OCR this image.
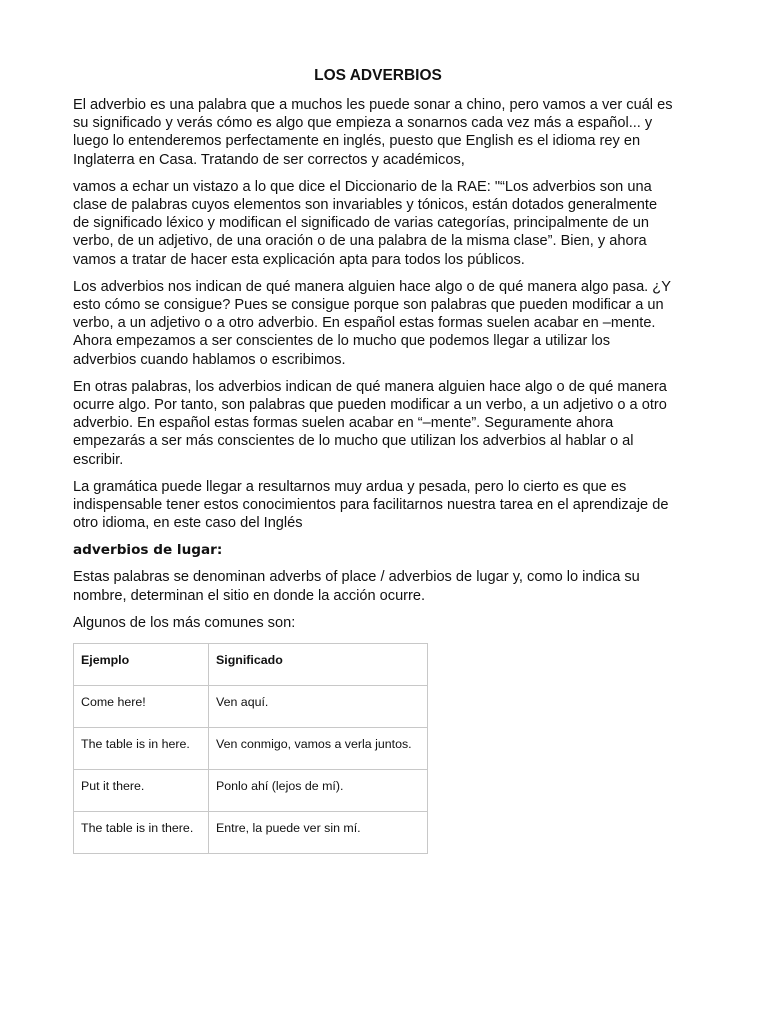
LOS ADVERBIOS

El adverbio es una palabra que a muchos les puede sonar a chino, pero vamos a ver cuál es su significado y verás cómo es algo que empieza a sonarnos cada vez más a español... y luego lo entenderemos perfectamente en inglés, puesto que English es el idioma rey en Inglaterra en Casa. Tratando de ser correctos y académicos,

vamos a echar un vistazo a lo que dice el Diccionario de la RAE: "“Los adverbios son una clase de palabras cuyos elementos son invariables y tónicos, están dotados generalmente de significado léxico y modifican el significado de varias categorías, principalmente de un verbo, de un adjetivo, de una oración o de una palabra de la misma clase”. Bien, y ahora vamos a tratar de hacer esta explicación apta para todos los públicos.

Los adverbios nos indican de qué manera alguien hace algo o de qué manera algo pasa. ¿Y esto cómo se consigue? Pues se consigue porque son palabras que pueden modificar a un verbo, a un adjetivo o a otro adverbio. En español estas formas suelen acabar en –mente. Ahora empezamos a ser conscientes de lo mucho que podemos llegar a utilizar los adverbios cuando hablamos o escribimos.

En otras palabras, los adverbios indican de qué manera alguien hace algo o de qué manera ocurre algo. Por tanto, son palabras que pueden modificar a un verbo, a un adjetivo o a otro adverbio. En español estas formas suelen acabar en “–mente”. Seguramente ahora empezarás a ser más conscientes de lo mucho que utilizan los adverbios al hablar o al escribir.

La gramática puede llegar a resultarnos muy ardua y pesada, pero lo cierto es que es indispensable tener estos conocimientos para facilitarnos nuestra tarea en el aprendizaje de otro idioma, en este caso del Inglés

adverbios de lugar:

Estas palabras se denominan adverbs of place / adverbios de lugar y, como lo indica su nombre, determinan el sitio en donde la acción ocurre.

Algunos de los más comunes son:

Ejemplo	Significado
Come here!	Ven aquí.
The table is in here.	Ven conmigo, vamos a verla juntos.
Put it there.	Ponlo ahí (lejos de mí).
The table is in there.	Entre, la puede ver sin mí.
